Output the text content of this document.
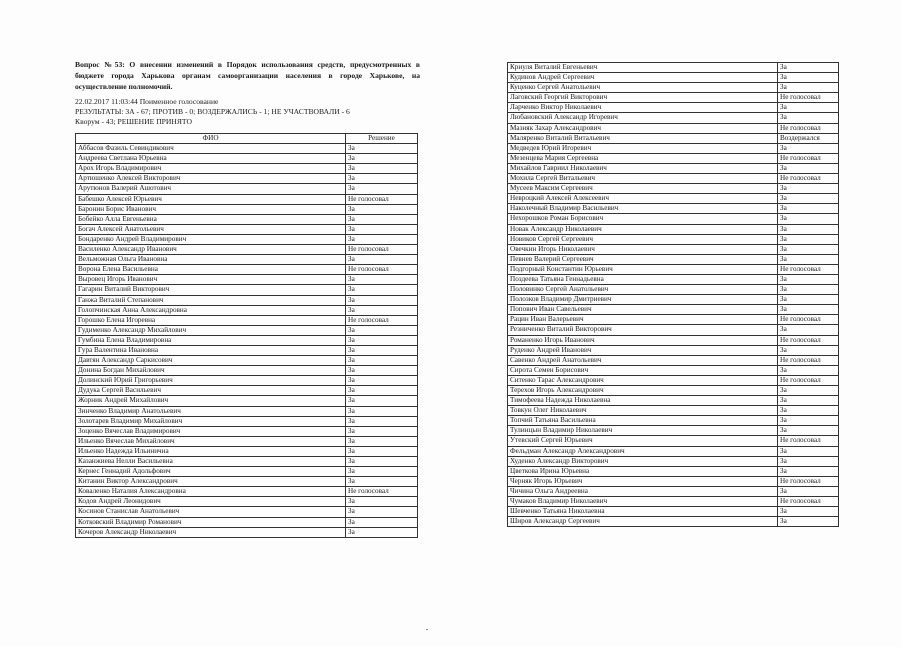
Вопрос №53: О внесении изменений в Порядок использования средств, предусмотренных в бюджете города Харькова органам самоорганизации населения в городе Харькове, на осуществление полномочий.

22.02.2017 11:03:44 Поименное голосование

РЕЗУЛЬТАТЫ: ЗА - 67; ПРОТИВ - 0; ВОЗДЕРЖАЛИСЬ - 1; НЕ УЧАСТВОВАЛИ - 6

Кворум - 43; РЕШЕНИЕ ПРИНЯТО

ФИО	Решение
Аббасов Фазиль Севиндикович	За
Андреева Светлана Юрьевна	За
Арох Игорь Владимирович	За
Артюшенко Алексей Викторович	За
Арутюнов Валерий Ашотович	За
Бабешко Алексей Юрьевич	Не голосовал
Баронин Борис Иванович	За
Бобейко Алла Евгеньевна	За
Богач Алексей Анатольевич	За
Бондаренко Андрей Владимирович	За
Василенко Александр Иванович	Не голосовал
Вельможная Ольга Ивановна	За
Ворона Елена Васильевна	Не голосовал
Выровец Игорь Иванович	За
Гагарин Виталий Викторович	За
Ганжа Виталий Степанович	За
Голопчинская Анна Александровна	За
Горошко Елена Игоревна	Не голосовал
Гудименко Александр Михайлович	За
Гумбина Елена Владимировна	За
Гура Валентина Ивановна	За
Давтян Александр Саркисович	За
Донина Богдан Михайлович	За
Долинский Юрий Григорьевич	За
Дудука Сергей Васильевич	За
Жорник Андрей Михайлович	За
Зинченко Владимир Анатольевич	За
Золотарев Владимир Михайлович	За
Зоценко Вячеслав Владимирович	За
Ильенко Вячеслав Михайлович	За
Ильенко Надежда Ильинична	За
Казанжиева Нелли Васильевна	За
Кернес Геннадий Адольфович	За
Китанин Виктор Александрович	За
Коваленко Наталия Александровна	Не голосовал
Кодов Андрей Леонидович	За
Косинов Станислав Анатольевич	За
Котковский Владимир Романович	За
Кочеров Александр Николаевич	За
Криуля Виталий Евгеньевич	За
Кудинов Андрей Сергеевич	За
Куценко Сергей Анатольевич	За
Лаговский Георгий Викторович	Не голосовал
Ларченко Виктор Николаевич	За
Любановский Александр Игоревич	За
Мазняк Захар Александрович	Не голосовал
Маляренко Виталий Витальевич	Воздержался
Медведев Юрий Игоревич	За
Мезенцева Мария Сергеевна	Не голосовал
Михайлов Гавриил Николаевич	За
Мохила Сергей Витальевич	Не голосовал
Мусеев Максим Сергеевич	За
Невроцкий Алексей Алексеевич	За
Наколечный Владимир Васильевич	За
Нехорошков Роман Борисович	За
Новак Александр Николаевич	За
Новиков Сергей Сергеевич	За
Овечкин Игорь Николаевич	За
Певнев Валерий Сергеевич	За
Подгорный Константин Юрьевич	Не голосовал
Поздеева Татьяна Геннадьевна	За
Половинко Сергей Анатольевич	За
Полозков Владимир Дмитриевич	За
Попович Иван Савельевич	За
Рацин Иван Валерьевич	Не голосовал
Резниченко Виталий Викторович	За
Романенко Игорь Иванович	Не голосовал
Руденко Андрей Иванович	За
Савенко Андрей Анатольевич	Не голосовал
Сирота Семен Борисович	За
Ситенко Тарас Александрович	Не голосовал
Терехов Игорь Александрович	За
Тимофеева Надежда Николаевна	За
Товкун Олег Николаевич	За
Топчий Татьяна Васильевна	За
Тулинцын Владимир Николаевич	За
Утевский Сергей Юрьевич	Не голосовал
Фельдман Александр Александрович	За
Худенко Александр Викторович	За
Цветкова Ирина Юрьевна	За
Черняк Игорь Юрьевич	Не голосовал
Чичина Ольга Андреевна	За
Чумаков Владимир Николаевич	Не голосовал
Шевченко Татьяна Николаевна	За
Широв Александр Сергеевич	За
